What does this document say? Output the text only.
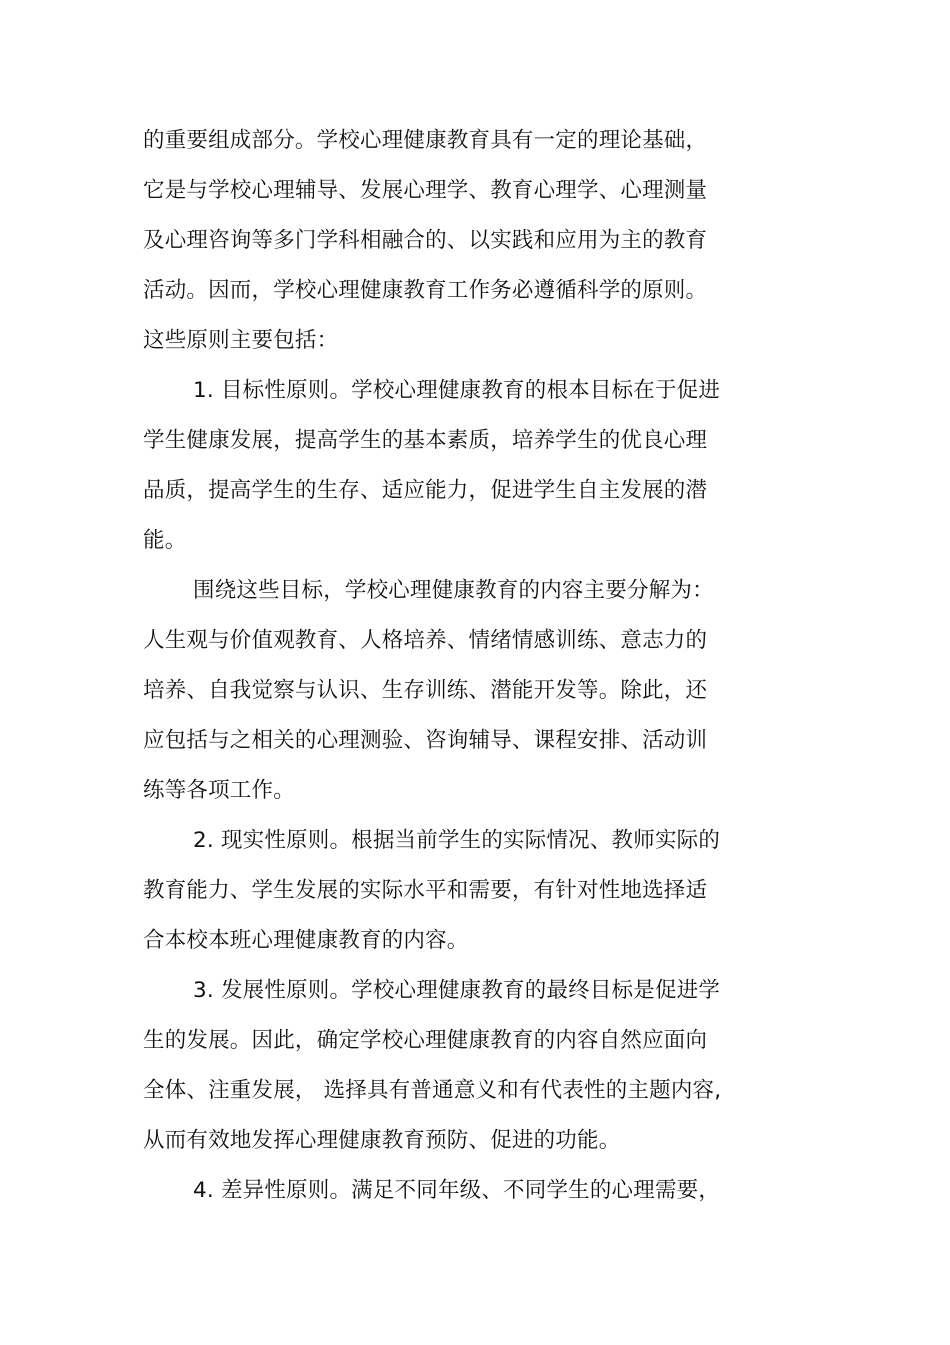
的重要组成部分。学校心理健康教育具有一定的理论基础，
它是与学校心理辅导、发展心理学、教育心理学、心理测量
及心理咨询等多门学科相融合的、以实践和应用为主的教育
活动。因而，学校心理健康教育工作务必遵循科学的原则。
这些原则主要包括：
1. 目标性原则。学校心理健康教育的根本目标在于促进
学生健康发展，提高学生的基本素质，培养学生的优良心理
品质，提高学生的生存、适应能力，促进学生自主发展的潜
能。
围绕这些目标，学校心理健康教育的内容主要分解为：
人生观与价值观教育、人格培养、情绪情感训练、意志力的
培养、自我觉察与认识、生存训练、潜能开发等。除此，还
应包括与之相关的心理测验、咨询辅导、课程安排、活动训
练等各项工作。
2. 现实性原则。根据当前学生的实际情况、教师实际的
教育能力、学生发展的实际水平和需要，有针对性地选择适
合本校本班心理健康教育的内容。
3. 发展性原则。学校心理健康教育的最终目标是促进学
生的发展。因此，确定学校心理健康教育的内容自然应面向
全体、注重发展， 选择具有普通意义和有代表性的主题内容,
从而有效地发挥心理健康教育预防、促进的功能。
4. 差异性原则。满足不同年级、不同学生的心理需要，
